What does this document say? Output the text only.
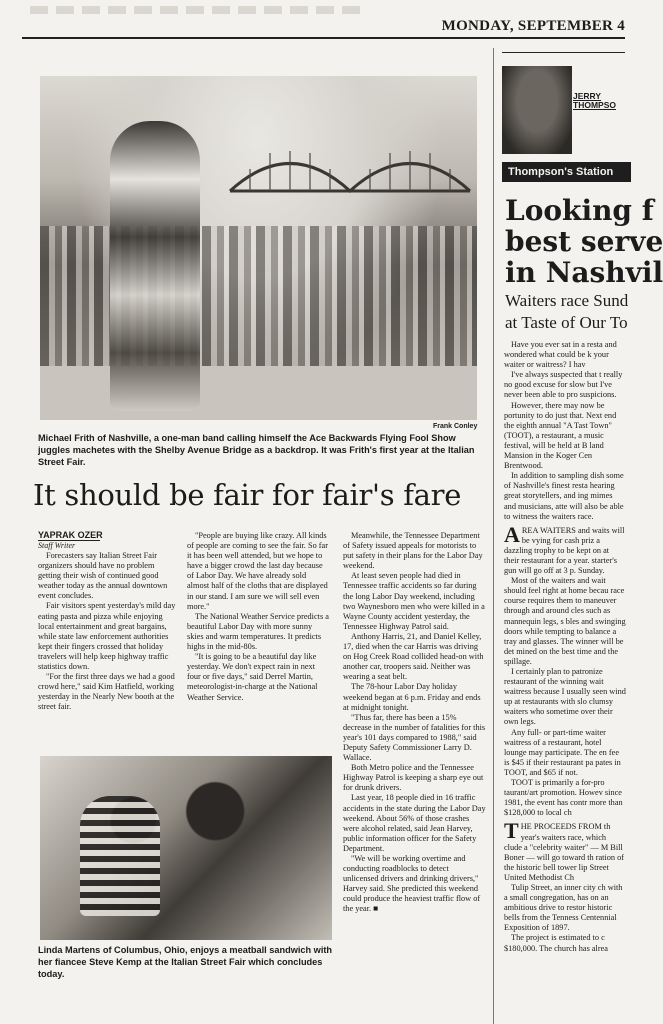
MONDAY, SEPTEMBER 4
Frank Conley
Michael Frith of Nashville, a one-man band calling himself the Ace Backwards Flying Fool Show juggles machetes with the Shelby Avenue Bridge as a backdrop. It was Frith's first year at the Italian Street Fair.
It should be fair for fair's fare
YAPRAK OZER
Staff Writer

Forecasters say Italian Street Fair organizers should have no problem getting their wish of continued good weather today as the annual downtown event concludes.

Fair visitors spent yesterday's mild day eating pasta and pizza while enjoying local entertainment and great bargains, while state law enforcement authorities kept their fingers crossed that holiday travelers will help keep highway traffic statistics down.

"For the first three days we had a good crowd here," said Kim Hatfield, working yesterday in the Nearly New booth at the street fair.

"People are buying like crazy. All kinds of people are coming to see the fair. So far it has been well attended, but we hope to have a bigger crowd the last day because of Labor Day. We have already sold almost half of the cloths that are displayed in our stand. I am sure we will sell even more."

The National Weather Service predicts a beautiful Labor Day with more sunny skies and warm temperatures. It predicts highs in the mid-80s.

"It is going to be a beautiful day like yesterday. We don't expect rain in next four or five days," said Derrel Martin, meteorologist-in-charge at the National Weather Service.

Meanwhile, the Tennessee Department of Safety issued appeals for motorists to put safety in their plans for the Labor Day weekend.

At least seven people had died in Tennessee traffic accidents so far during the long Labor Day weekend, including two Waynesboro men who were killed in a Wayne County accident yesterday, the Tennessee Highway Patrol said.

Anthony Harris, 21, and Daniel Kelley, 17, died when the car Harris was driving on Hog Creek Road collided head-on with another car, troopers said. Neither was wearing a seat belt.

The 78-hour Labor Day holiday weekend began at 6 p.m. Friday and ends at midnight tonight.

"Thus far, there has been a 15% decrease in the number of fatalities for this year's 101 days compared to 1988," said Deputy Safety Commissioner Larry D. Wallace.

Both Metro police and the Tennessee Highway Patrol is keeping a sharp eye out for drunk drivers.

Last year, 18 people died in 16 traffic accidents in the state during the Labor Day weekend. About 56% of those crashes were alcohol related, said Jean Harvey, public information officer for the Safety Department.

"We will be working overtime and conducting roadblocks to detect unlicensed drivers and drinking drivers," Harvey said. She predicted this weekend could produce the heaviest traffic flow of the year. ■

Linda Martens of Columbus, Ohio, enjoys a meatball sandwich with her fiancee Steve Kemp at the Italian Street Fair which concludes today.
JERRY
THOMPSO
Thompson's Station
Looking f
best serve
in Nashvil
Waiters race Sund
at Taste of Our To

Have you ever sat in a resta and wondered what could be k your waiter or waitress? I hav

I've always suspected that t really no good excuse for slow but I've never been able to pro suspicions.

However, there may now be portunity to do just that. Next end the eighth annual "A Tast Town" (TOOT), a restaurant, a music festival, will be held at B land Mansion in the Koger Cen Brentwood.

In addition to sampling dish some of Nashville's finest resta hearing great storytellers, and ing mimes and musicians, atte will also be able to witness the waiters race.

A REA WAITERS and waits will be vying for cash priz a dazzling trophy to be kept on at their restaurant for a year. starter's gun will go off at 3 p. Sunday.

Most of the waiters and wait should feel right at home becau race course requires them to maneuver through and around cles such as mannequin legs, s bles and swinging doors while tempting to balance a tray and glasses. The winner will be det mined on the best time and the spillage.

I certainly plan to patronize restaurant of the winning wait waitress because I usually seen wind up at restaurants with slo clumsy waiters who sometime over their own legs.

Any full- or part-time waiter waitress of a restaurant, hotel lounge may participate. The en fee is $45 if their restaurant pa pates in TOOT, and $65 if not.

TOOT is primarily a for-pro taurant/art promotion. Howev since 1981, the event has contr more than $128,000 to local ch

T HE PROCEEDS FROM th year's waiters race, which clude a "celebrity waiter" — M Bill Boner — will go toward th ration of the historic bell tower lip Street United Methodist Ch

Tulip Street, an inner city ch with a small congregation, has on an ambitious drive to restor historic bells from the Tenness Centennial Exposition of 1897.

The project is estimated to c $180,000. The church has alrea
